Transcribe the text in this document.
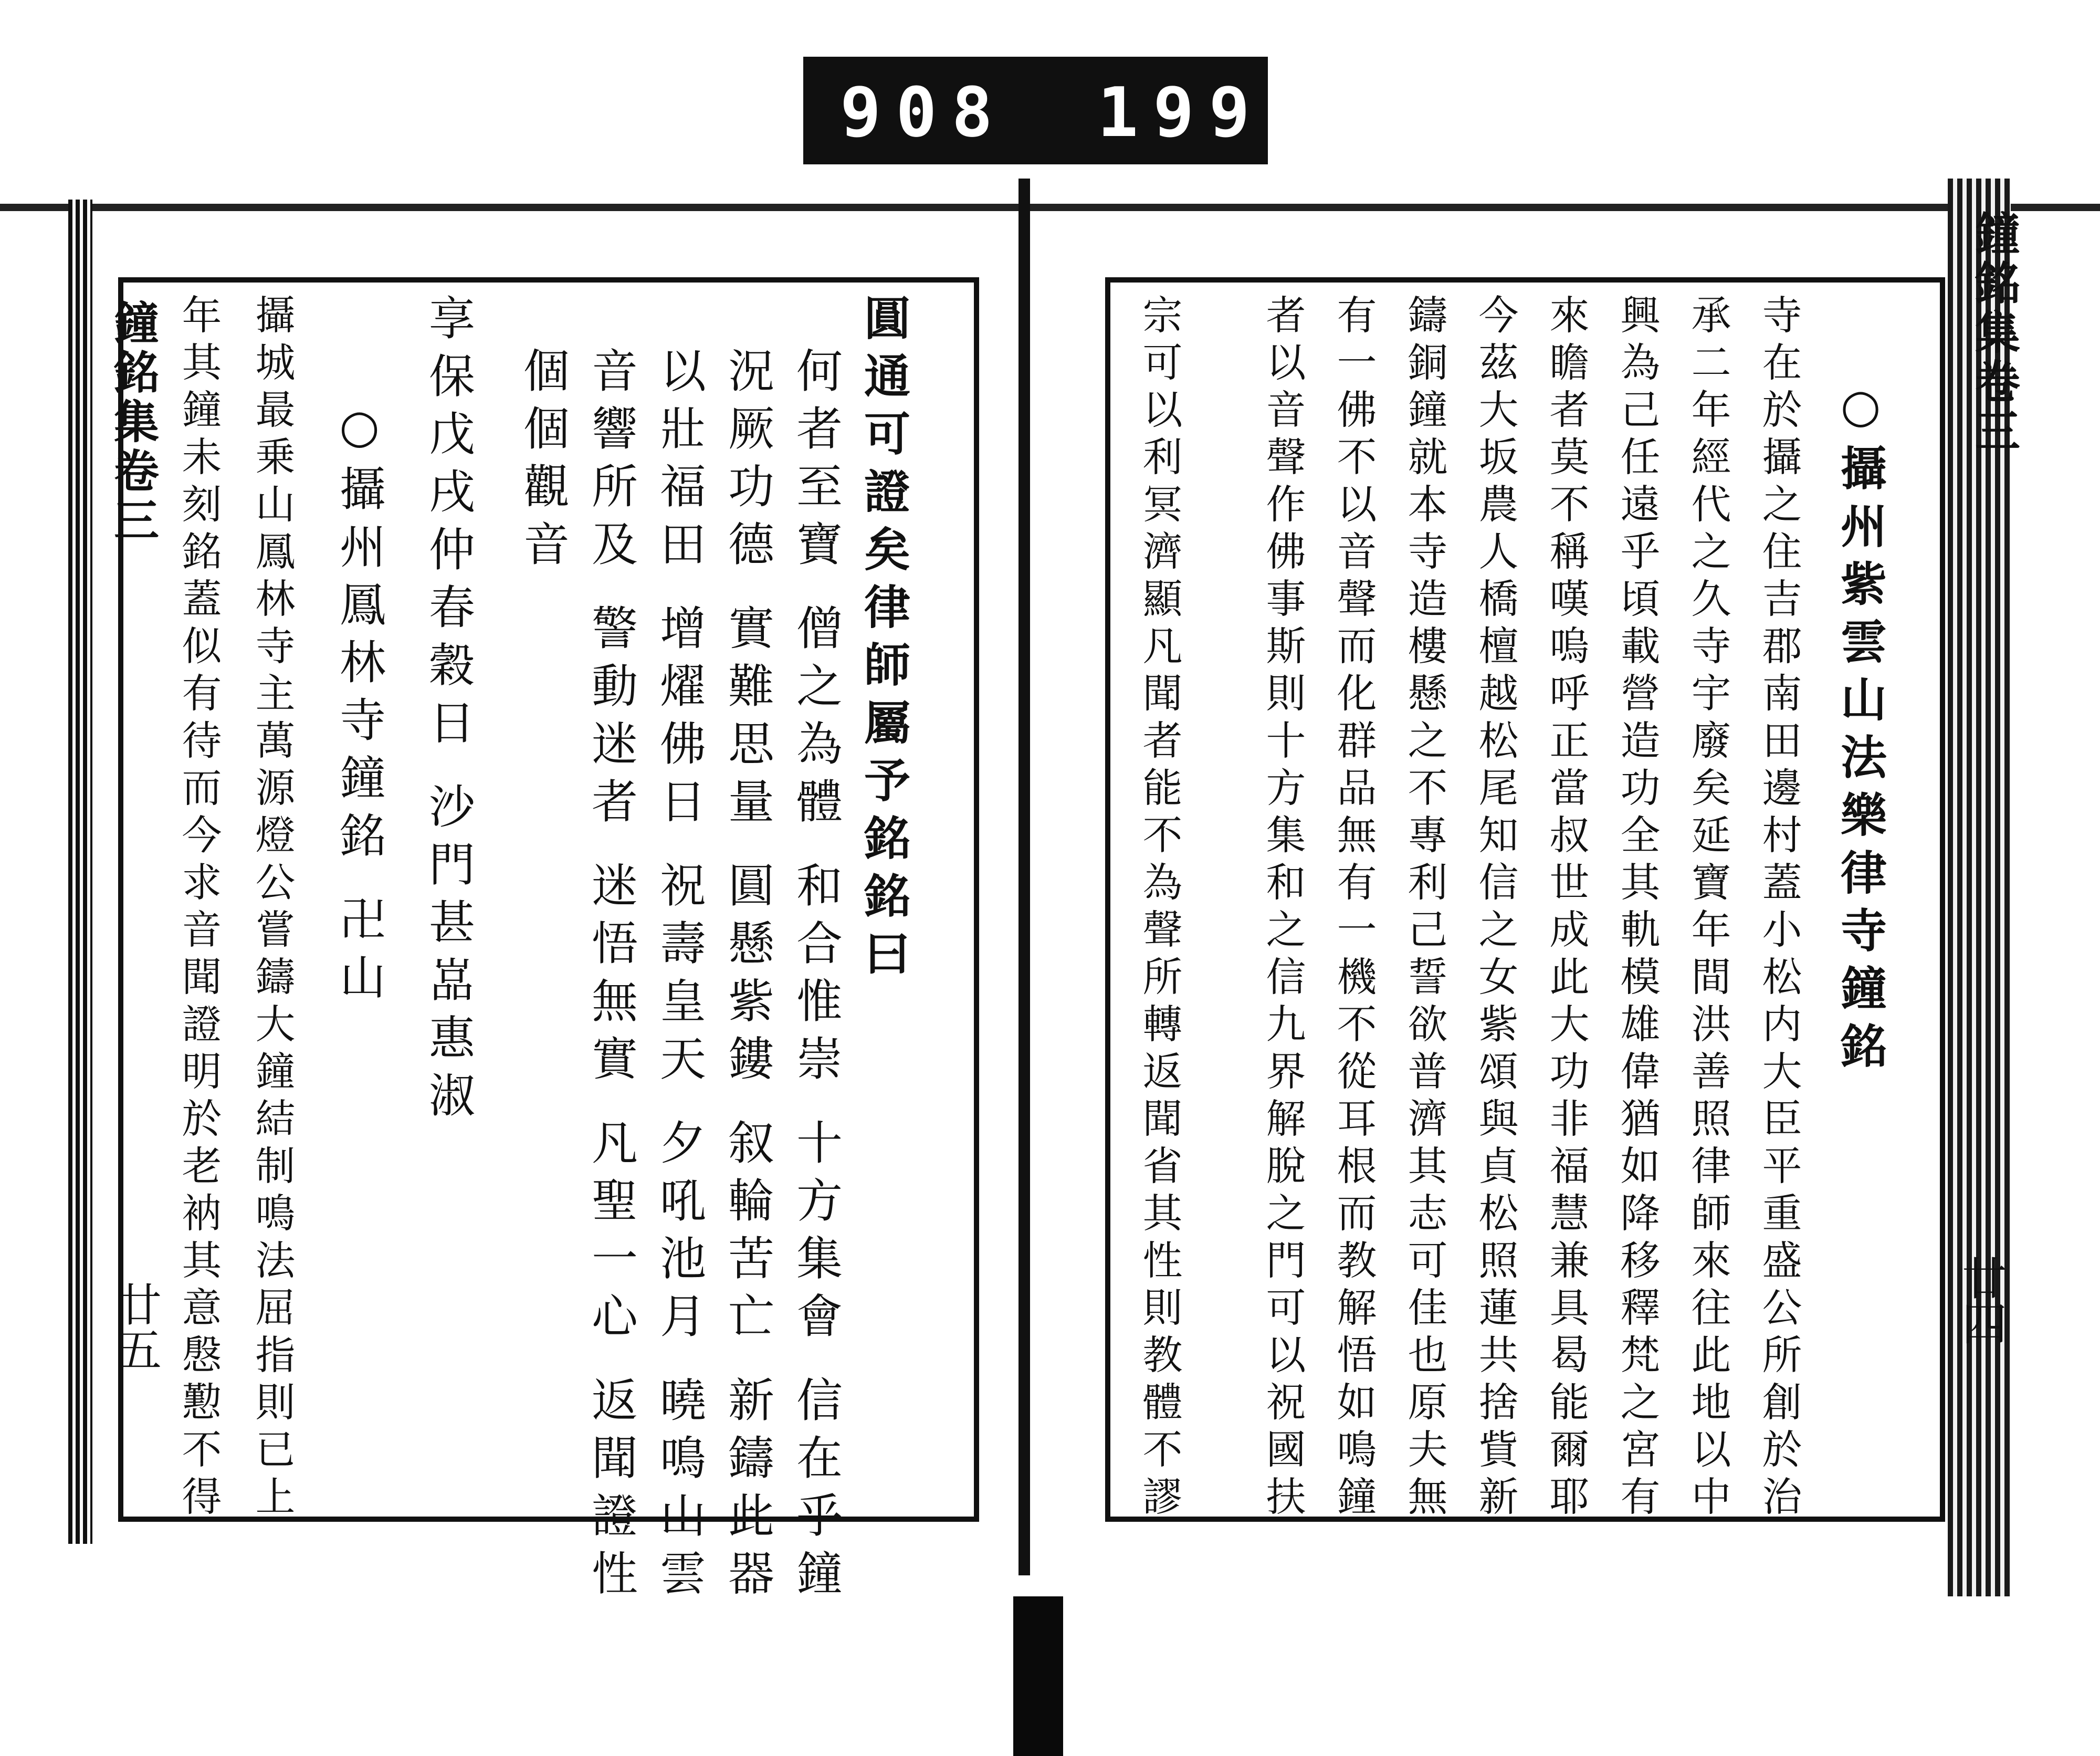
908 199
鐘銘集卷三
廿五
圓通可證矣律師屬予銘銘曰
何者至寶 僧之為體 和合惟崇 十方集會 信在乎鐘
況厥功德 實難思量 圓懸紫鏤 叙輪苦亡 新鑄此器
以壯福田 增燿佛日 祝壽皇天 夕吼池月 曉鳴山雲
音響所及 警動迷者 迷悟無實 凡聖一心 返聞證性
個個觀音
享保戊戌仲春穀日 沙門甚嵓惠淑
○攝州鳳林寺鐘銘 卍山
攝城最乗山鳳林寺主萬源燈公嘗鑄大鐘結制鳴法屈指則已上
年其鐘未刻銘蓋似有待而今求音聞證明於老衲其意慇懃不得	鐘銘集卷三
廿四
○攝州紫雲山法樂律寺鐘銘
寺在於攝之住吉郡南田邊村蓋小松内大臣平重盛公所創於治
承二年經代之久寺宇廢矣延寶年間洪善照律師來往此地以中
興為己任遠乎頃載營造功全其軌模雄偉猶如降移釋梵之宮有
來瞻者莫不稱嘆嗚呼正當叔世成此大功非福慧兼具曷能爾耶
今茲大坂農人橋檀越松尾知信之女紫頌與貞松照蓮共捨貲新
鑄銅鐘就本寺造樓懸之不專利己誓欲普濟其志可佳也原夫無
有一佛不以音聲而化群品無有一機不從耳根而教解悟如鳴鐘
者以音聲作佛事斯則十方集和之信九界解脫之門可以祝國扶
宗可以利冥濟顯凡聞者能不為聲所轉返聞省其性則教體不謬
